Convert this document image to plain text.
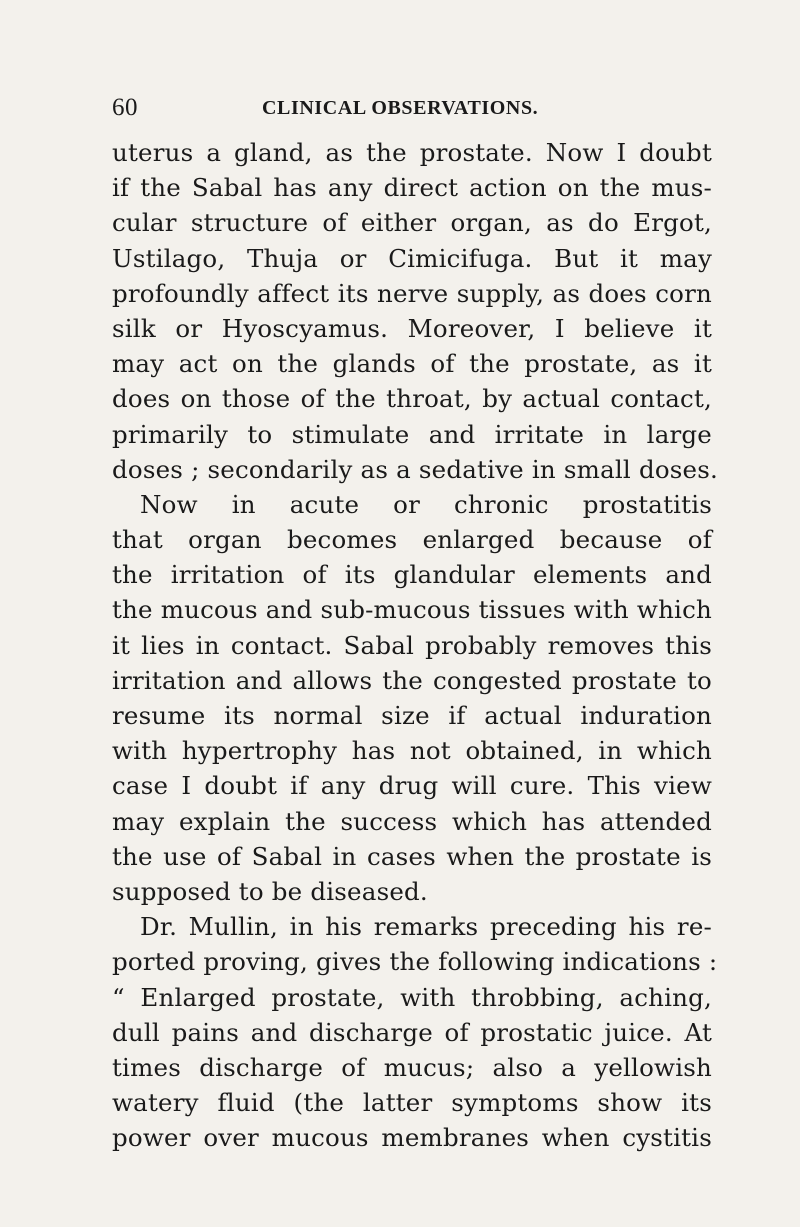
60	CLINICAL OBSERVATIONS.
uterus a gland, as the prostate. Now I doubt
if the Sabal has any direct action on the mus-
cular structure of either organ, as do Ergot,
Ustilago, Thuja or Cimicifuga. But it may
profoundly affect its nerve supply, as does corn
silk or Hyoscyamus. Moreover, I believe it
may act on the glands of the prostate, as it
does on those of the throat, by actual contact,
primarily to stimulate and irritate in large
doses ; secondarily as a sedative in small doses.
Now in acute or chronic prostatitis
that organ becomes enlarged because of
the irritation of its glandular elements and
the mucous and sub-mucous tissues with which
it lies in contact. Sabal probably removes this
irritation and allows the congested prostate to
resume its normal size if actual induration
with hypertrophy has not obtained, in which
case I doubt if any drug will cure. This view
may explain the success which has attended
the use of Sabal in cases when the prostate is
supposed to be diseased.
Dr. Mullin, in his remarks preceding his re-
ported proving, gives the following indications :
“ Enlarged prostate, with throbbing, aching,
dull pains and discharge of prostatic juice. At
times discharge of mucus; also a yellowish
watery fluid (the latter symptoms show its
power over mucous membranes when cystitis
